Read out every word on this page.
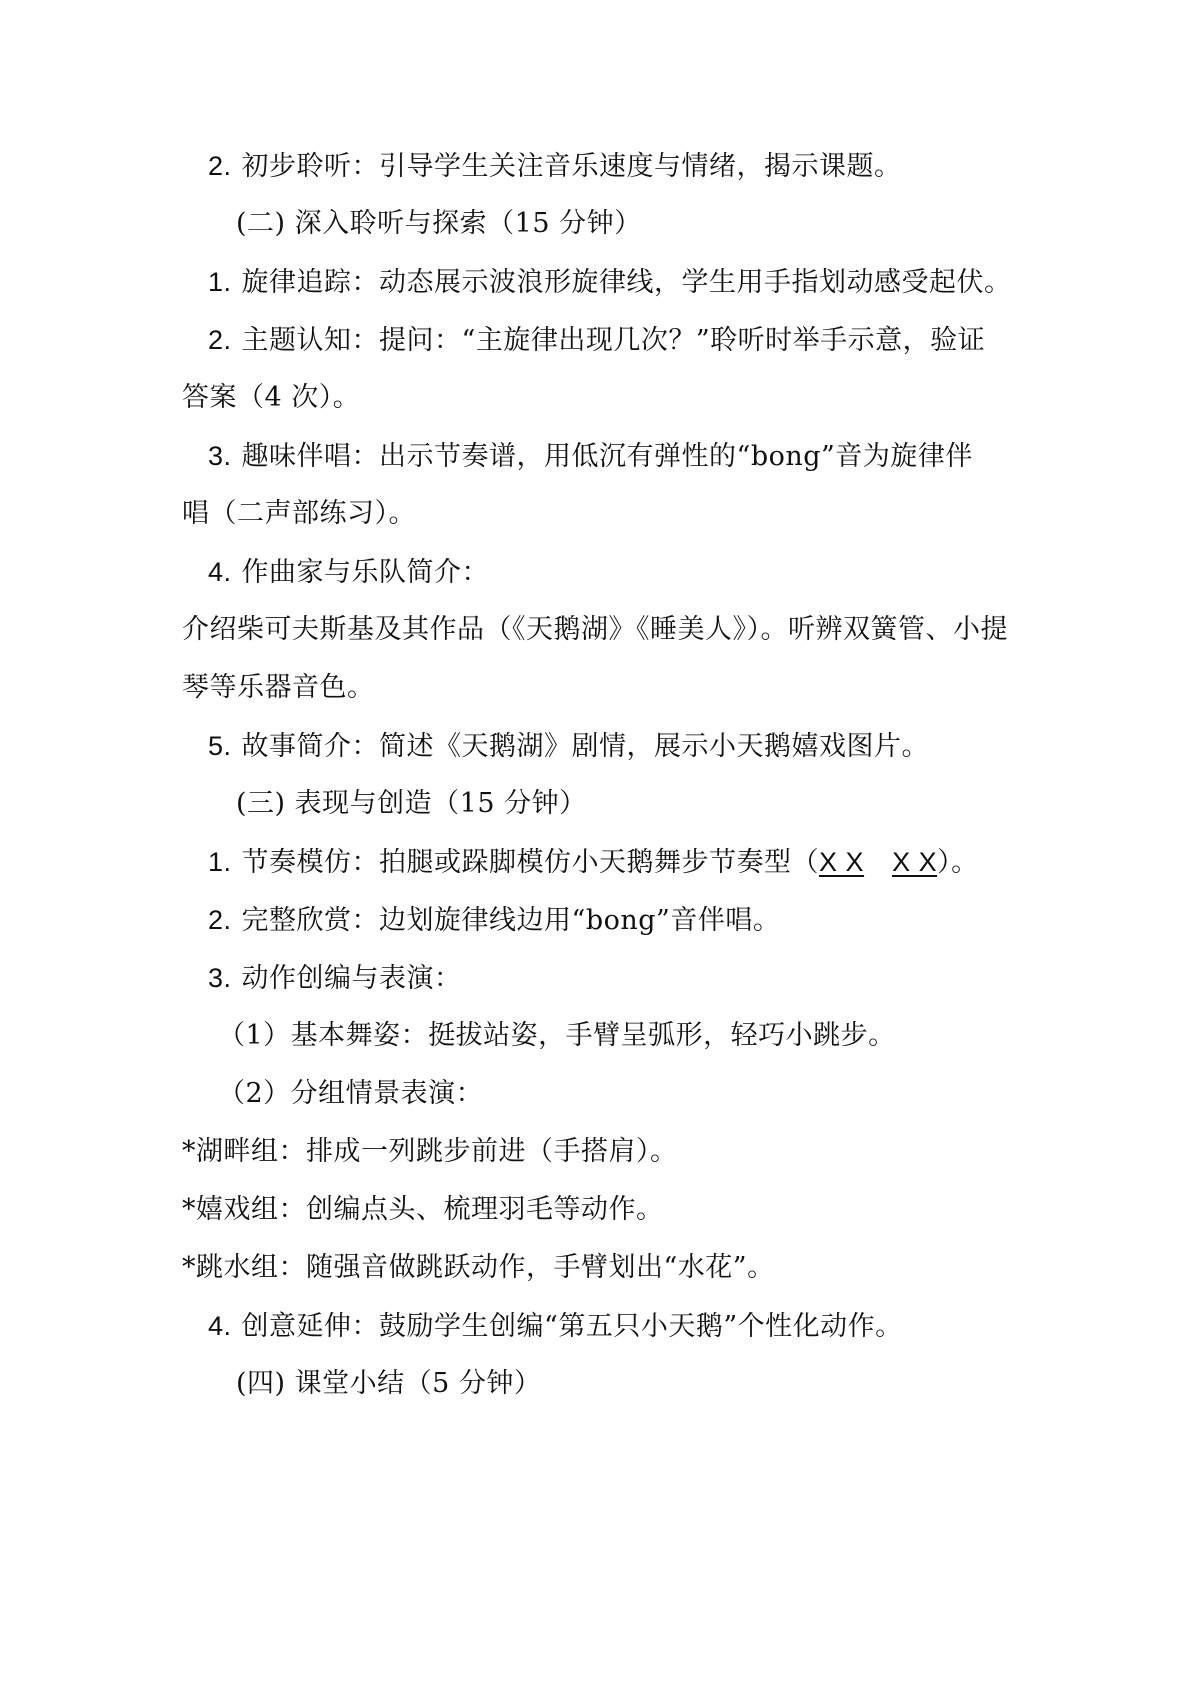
2. 初步聆听：引导学生关注音乐速度与情绪，揭示课题。
(二) 深入聆听与探索（15 分钟）
1. 旋律追踪：动态展示波浪形旋律线，学生用手指划动感受起伏。
2. 主题认知：提问：“主旋律出现几次？”聆听时举手示意，验证
答案（4 次）。
3. 趣味伴唱：出示节奏谱，用低沉有弹性的“bong”音为旋律伴
唱（二声部练习）。
4. 作曲家与乐队简介：
介绍柴可夫斯基及其作品（《天鹅湖》《睡美人》）。听辨双簧管、小提
琴等乐器音色。
5. 故事简介：简述《天鹅湖》剧情，展示小天鹅嬉戏图片。
(三) 表现与创造（15 分钟）
1. 节奏模仿：拍腿或跺脚模仿小天鹅舞步节奏型（X X X X）。
2. 完整欣赏：边划旋律线边用“bong”音伴唱。
3. 动作创编与表演：
（1）基本舞姿：挺拔站姿，手臂呈弧形，轻巧小跳步。
（2）分组情景表演：
*湖畔组：排成一列跳步前进（手搭肩）。
*嬉戏组：创编点头、梳理羽毛等动作。
*跳水组：随强音做跳跃动作，手臂划出“水花”。
4. 创意延伸：鼓励学生创编“第五只小天鹅”个性化动作。
(四) 课堂小结（5 分钟）
